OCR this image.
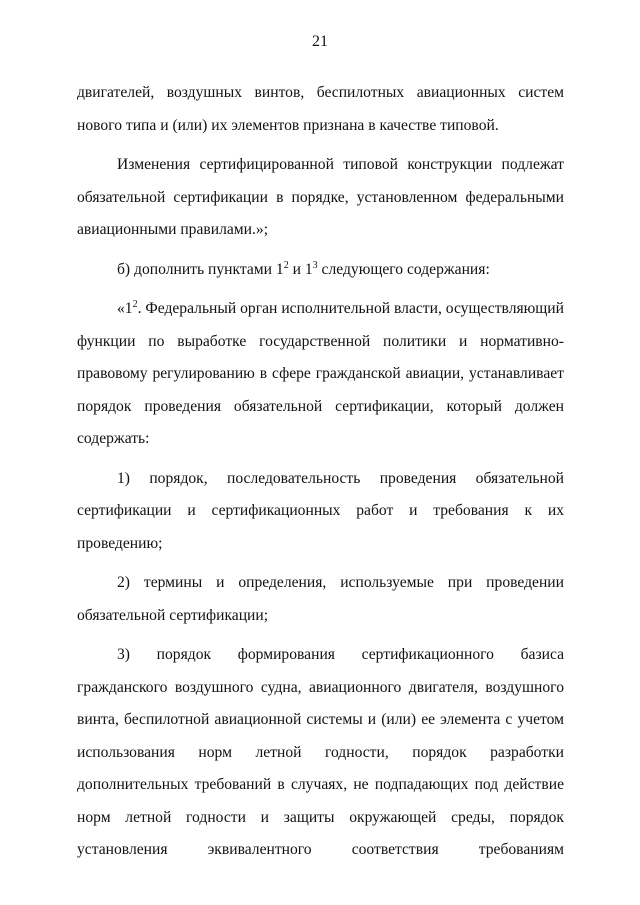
21

двигателей, воздушных винтов, беспилотных авиационных систем нового типа и (или) их элементов признана в качестве типовой.

Изменения сертифицированной типовой конструкции подлежат обязательной сертификации в порядке, установленном федеральными авиационными правилами.»;

б) дополнить пунктами $1^2$ и $1^3$ следующего содержания:

«$1^2$. Федеральный орган исполнительной власти, осуществляющий функции по выработке государственной политики и нормативно-правовому регулированию в сфере гражданской авиации, устанавливает порядок проведения обязательной сертификации, который должен содержать:

1) порядок, последовательность проведения обязательной сертификации и сертификационных работ и требования к их проведению;

2) термины и определения, используемые при проведении обязательной сертификации;

3) порядок формирования сертификационного базиса гражданского воздушного судна, авиационного двигателя, воздушного винта, беспилотной авиационной системы и (или) ее элемента с учетом использования норм летной годности, порядок разработки дополнительных требований в случаях, не подпадающих под действие норм летной годности и защиты окружающей среды, порядок установления эквивалентного соответствия требованиям
